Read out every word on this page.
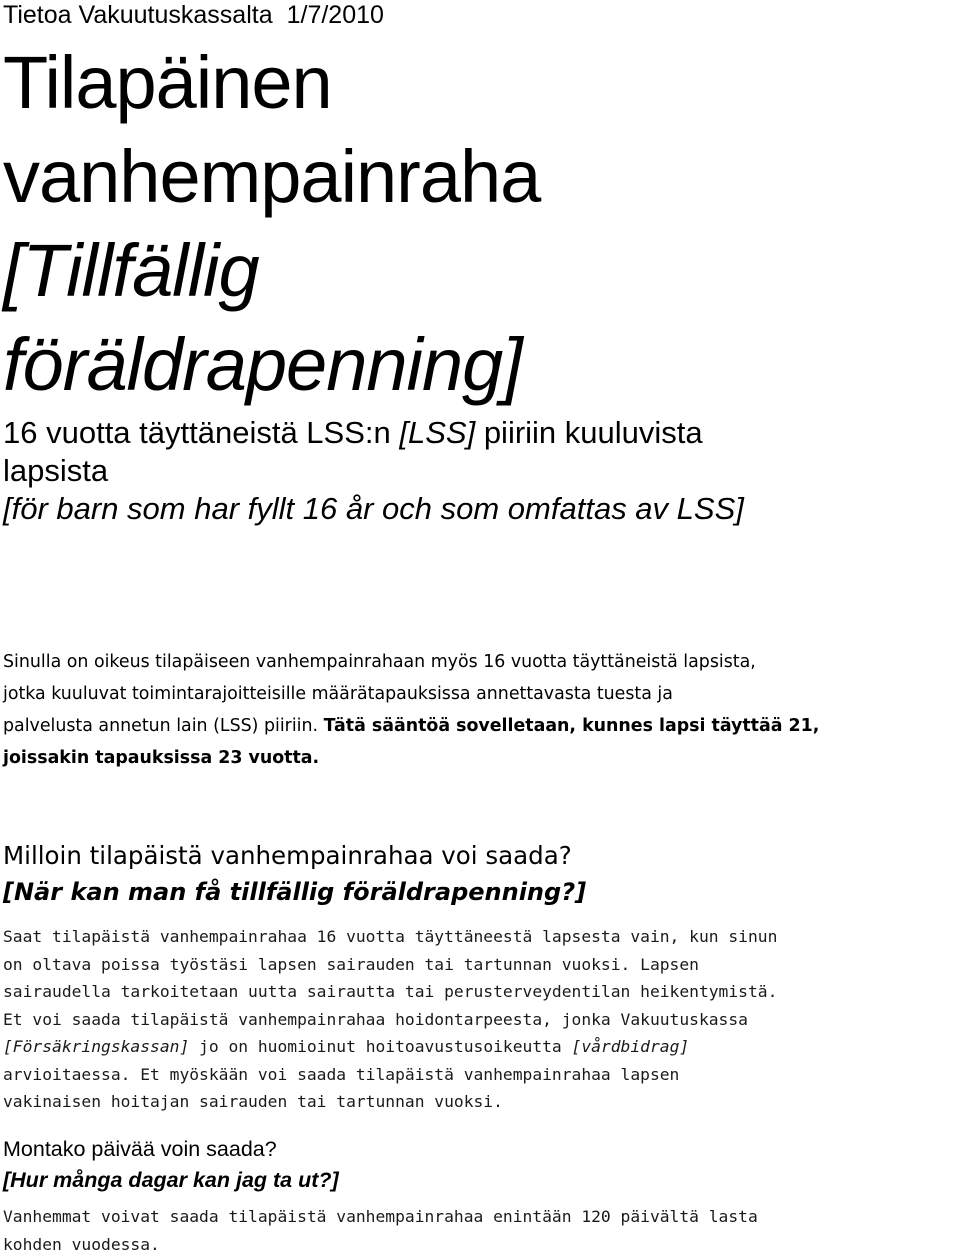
Tietoa Vakuutuskassalta 1/7/2010
Tilapäinen
vanhempainraha
[Tillfällig
föräldrapenning]
16 vuotta täyttäneistä LSS:n [LSS] piiriin kuuluvista
lapsista
[för barn som har fyllt 16 år och som omfattas av LSS]

Sinulla on oikeus tilapäiseen vanhempainrahaan myös 16 vuotta täyttäneistä lapsista,
jotka kuuluvat toimintarajoitteisille määrätapauksissa annettavasta tuesta ja
palvelusta annetun lain (LSS) piiriin. Tätä sääntöä sovelletaan, kunnes lapsi täyttää 21,
joissakin tapauksissa 23 vuotta.

Milloin tilapäistä vanhempainrahaa voi saada?
[När kan man få tillfällig föräldrapenning?]

Saat tilapäistä vanhempainrahaa 16 vuotta täyttäneestä lapsesta vain, kun sinun
on oltava poissa työstäsi lapsen sairauden tai tartunnan vuoksi. Lapsen
sairaudella tarkoitetaan uutta sairautta tai perusterveydentilan heikentymistä.
Et voi saada tilapäistä vanhempainrahaa hoidontarpeesta, jonka Vakuutuskassa
[Försäkringskassan] jo on huomioinut hoitoavustusoikeutta [vårdbidrag]
arvioitaessa. Et myöskään voi saada tilapäistä vanhempainrahaa lapsen
vakinaisen hoitajan sairauden tai tartunnan vuoksi.

Montako päivää voin saada?
[Hur många dagar kan jag ta ut?]

Vanhemmat voivat saada tilapäistä vanhempainrahaa enintään 120 päivältä lasta
kohden vuodessa.
